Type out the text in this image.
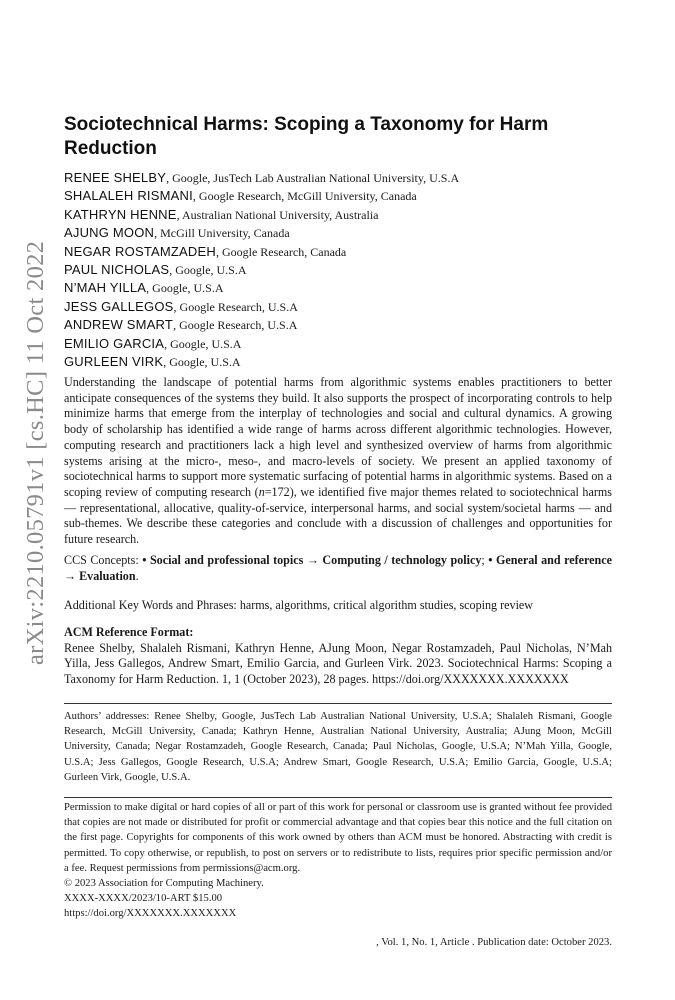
arXiv:2210.05791v1 [cs.HC] 11 Oct 2022
Sociotechnical Harms: Scoping a Taxonomy for Harm Reduction
RENEE SHELBY, Google, JusTech Lab Australian National University, U.S.A
SHALALEH RISMANI, Google Research, McGill University, Canada
KATHRYN HENNE, Australian National University, Australia
AJUNG MOON, McGill University, Canada
NEGAR ROSTAMZADEH, Google Research, Canada
PAUL NICHOLAS, Google, U.S.A
N’MAH YILLA, Google, U.S.A
JESS GALLEGOS, Google Research, U.S.A
ANDREW SMART, Google Research, U.S.A
EMILIO GARCIA, Google, U.S.A
GURLEEN VIRK, Google, U.S.A
Understanding the landscape of potential harms from algorithmic systems enables practitioners to better anticipate consequences of the systems they build. It also supports the prospect of incorporating controls to help minimize harms that emerge from the interplay of technologies and social and cultural dynamics. A growing body of scholarship has identified a wide range of harms across different algorithmic technologies. However, computing research and practitioners lack a high level and synthesized overview of harms from algorithmic systems arising at the micro-, meso-, and macro-levels of society. We present an applied taxonomy of sociotechnical harms to support more systematic surfacing of potential harms in algorithmic systems. Based on a scoping review of computing research (n=172), we identified five major themes related to sociotechnical harms — representational, allocative, quality-of-service, interpersonal harms, and social system/societal harms — and sub-themes. We describe these categories and conclude with a discussion of challenges and opportunities for future research.
CCS Concepts: • Social and professional topics → Computing / technology policy; • General and reference → Evaluation.
Additional Key Words and Phrases: harms, algorithms, critical algorithm studies, scoping review
ACM Reference Format:
Renee Shelby, Shalaleh Rismani, Kathryn Henne, AJung Moon, Negar Rostamzadeh, Paul Nicholas, N’Mah Yilla, Jess Gallegos, Andrew Smart, Emilio Garcia, and Gurleen Virk. 2023. Sociotechnical Harms: Scoping a Taxonomy for Harm Reduction. 1, 1 (October 2023), 28 pages. https://doi.org/XXXXXXX.XXXXXXX
Authors’ addresses: Renee Shelby, Google, JusTech Lab Australian National University, U.S.A; Shalaleh Rismani, Google Research, McGill University, Canada; Kathryn Henne, Australian National University, Australia; AJung Moon, McGill University, Canada; Negar Rostamzadeh, Google Research, Canada; Paul Nicholas, Google, U.S.A; N’Mah Yilla, Google, U.S.A; Jess Gallegos, Google Research, U.S.A; Andrew Smart, Google Research, U.S.A; Emilio Garcia, Google, U.S.A; Gurleen Virk, Google, U.S.A.
Permission to make digital or hard copies of all or part of this work for personal or classroom use is granted without fee provided that copies are not made or distributed for profit or commercial advantage and that copies bear this notice and the full citation on the first page. Copyrights for components of this work owned by others than ACM must be honored. Abstracting with credit is permitted. To copy otherwise, or republish, to post on servers or to redistribute to lists, requires prior specific permission and/or a fee. Request permissions from permissions@acm.org.
© 2023 Association for Computing Machinery.
XXXX-XXXX/2023/10-ART $15.00
https://doi.org/XXXXXXX.XXXXXXX
, Vol. 1, No. 1, Article . Publication date: October 2023.
